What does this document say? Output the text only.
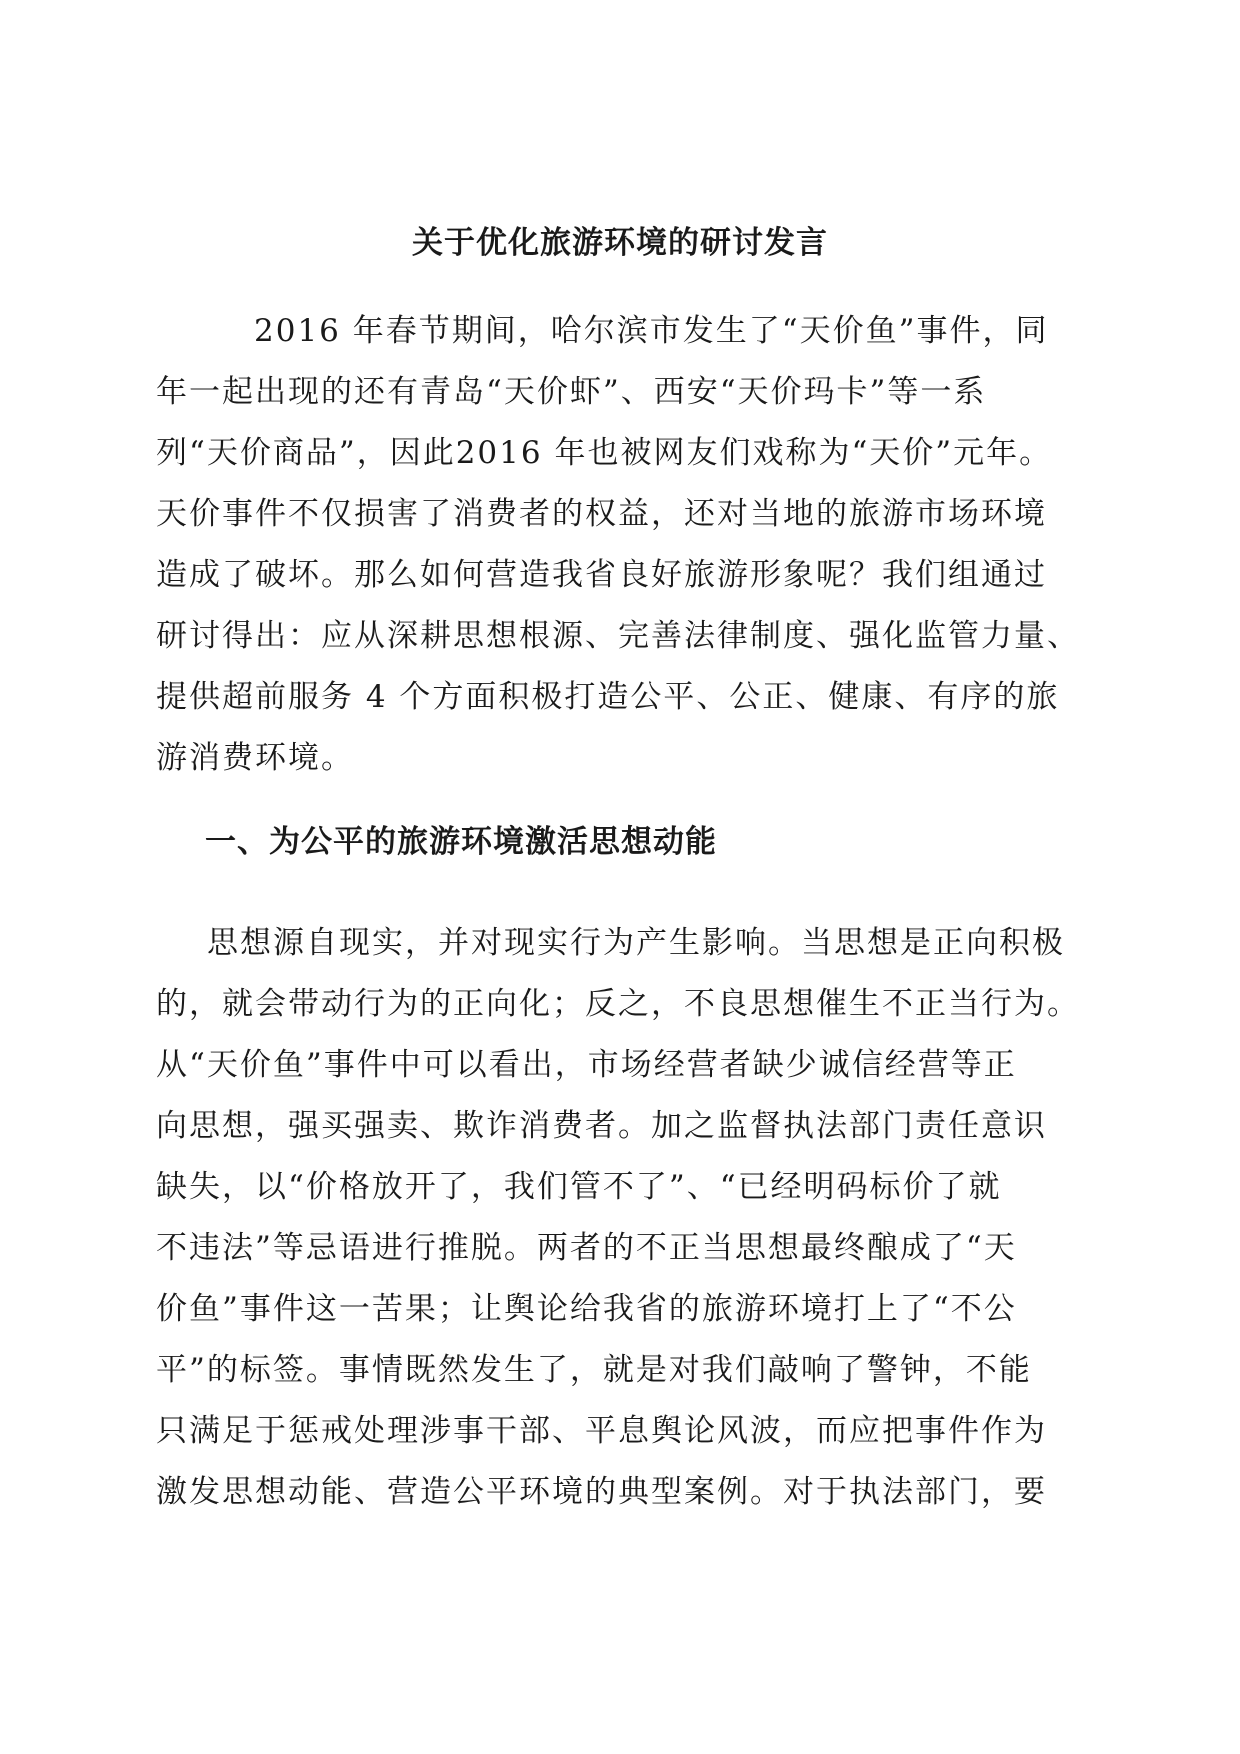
关于优化旅游环境的研讨发言
2016 年春节期间，哈尔滨市发生了“天价鱼”事件，同
年一起出现的还有青岛“天价虾”、西安“天价玛卡”等一系
列“天价商品”，因此2016 年也被网友们戏称为“天价”元年。
天价事件不仅损害了消费者的权益，还对当地的旅游市场环境
造成了破坏。那么如何营造我省良好旅游形象呢？我们组通过
研讨得出：应从深耕思想根源、完善法律制度、强化监管力量、
提供超前服务 4 个方面积极打造公平、公正、健康、有序的旅
游消费环境。
一、为公平的旅游环境激活思想动能
思想源自现实，并对现实行为产生影响。当思想是正向积极
的，就会带动行为的正向化；反之，不良思想催生不正当行为。
从“天价鱼”事件中可以看出，市场经营者缺少诚信经营等正
向思想，强买强卖、欺诈消费者。加之监督执法部门责任意识
缺失，以“价格放开了，我们管不了”、“已经明码标价了就
不违法”等忌语进行推脱。两者的不正当思想最终酿成了“天
价鱼”事件这一苦果；让舆论给我省的旅游环境打上了“不公
平”的标签。事情既然发生了，就是对我们敲响了警钟，不能
只满足于惩戒处理涉事干部、平息舆论风波，而应把事件作为
激发思想动能、营造公平环境的典型案例。对于执法部门，要
